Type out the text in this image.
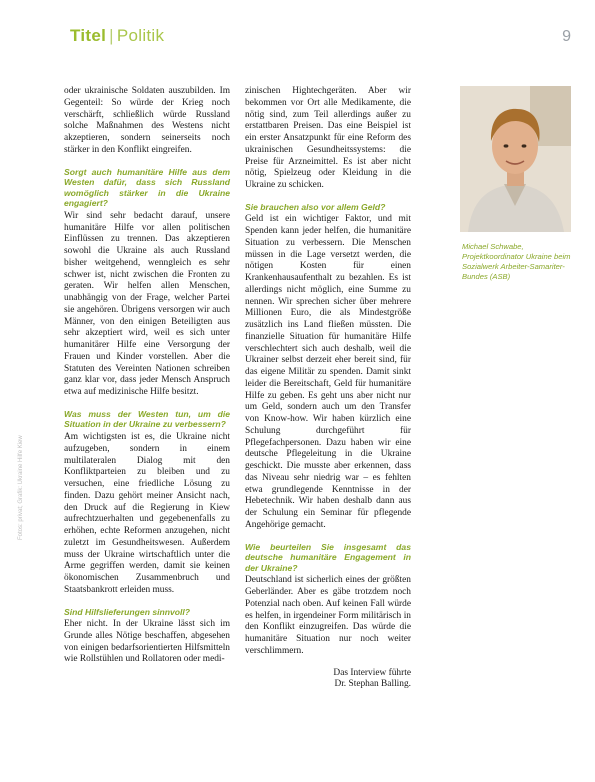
Titel | Politik	9

oder ukrainische Soldaten auszubilden. Im Gegenteil: So würde der Krieg noch verschärft, schließlich würde Russland solche Maßnahmen des Westens nicht akzeptieren, sondern seinerseits noch stärker in den Konflikt eingreifen.

Sorgt auch humanitäre Hilfe aus dem Westen dafür, dass sich Russland womöglich stärker in die Ukraine engagiert?

Wir sind sehr bedacht darauf, unsere humanitäre Hilfe vor allen politischen Einflüssen zu trennen. Das akzeptieren sowohl die Ukraine als auch Russland bisher weitgehend, wenngleich es sehr schwer ist, nicht zwischen die Fronten zu geraten. Wir helfen allen Menschen, unabhängig von der Frage, welcher Partei sie angehören. Übrigens versorgen wir auch Männer, von den einigen Beteiligten aus sehr akzeptiert wird, weil es sich unter humanitärer Hilfe eine Versorgung der Frauen und Kinder vorstellen. Aber die Statuten des Vereinten Nationen schreiben ganz klar vor, dass jeder Mensch Anspruch etwa auf medizinische Hilfe besitzt.

Was muss der Westen tun, um die Situation in der Ukraine zu verbessern?

Am wichtigsten ist es, die Ukraine nicht aufzugeben, sondern in einem multilateralen Dialog mit den Konfliktparteien zu bleiben und zu versuchen, eine friedliche Lösung zu finden. Dazu gehört meiner Ansicht nach, den Druck auf die Regierung in Kiew aufrechtzuerhalten und gegebenenfalls zu erhöhen, echte Reformen anzugehen, nicht zuletzt im Gesundheitswesen. Außerdem muss der Ukraine wirtschaftlich unter die Arme gegriffen werden, damit sie keinen ökonomischen Zusammenbruch und Staatsbankrott erleiden muss.

Sind Hilfslieferungen sinnvoll?

Eher nicht. In der Ukraine lässt sich im Grunde alles Nötige beschaffen, abgesehen von einigen bedarfsorientierten Hilfsmitteln wie Rollstühlen und Rollatoren oder medi-

zinischen Hightechgeräten. Aber wir bekommen vor Ort alle Medikamente, die nötig sind, zum Teil allerdings außer zu erstattbaren Preisen. Das eine Beispiel ist ein erster Ansatzpunkt für eine Reform des ukrainischen Gesundheitssystems: die Preise für Arzneimittel. Es ist aber nicht nötig, Spielzeug oder Kleidung in die Ukraine zu schicken.

Sie brauchen also vor allem Geld?

Geld ist ein wichtiger Faktor, und mit Spenden kann jeder helfen, die humanitäre Situation zu verbessern. Die Menschen müssen in die Lage versetzt werden, die nötigen Kosten für einen Krankenhausaufenthalt zu bezahlen. Es ist allerdings nicht möglich, eine Summe zu nennen. Wir sprechen sicher über mehrere Millionen Euro, die als Mindestgröße zusätzlich ins Land fließen müssten. Die finanzielle Situation für humanitäre Hilfe verschlechtert sich auch deshalb, weil die Ukrainer selbst derzeit eher bereit sind, für das eigene Militär zu spenden. Damit sinkt leider die Bereitschaft, Geld für humanitäre Hilfe zu geben. Es geht uns aber nicht nur um Geld, sondern auch um den Transfer von Know-how. Wir haben kürzlich eine Schulung durchgeführt für Pflegefachpersonen. Dazu haben wir eine deutsche Pflegeleitung in die Ukraine geschickt. Die musste aber erkennen, dass das Niveau sehr niedrig war – es fehlten etwa grundlegende Kenntnisse in der Hebetechnik. Wir haben deshalb dann aus der Schulung ein Seminar für pflegende Angehörige gemacht.

Wie beurteilen Sie insgesamt das deutsche humanitäre Engagement in der Ukraine?

Deutschland ist sicherlich eines der größten Geberländer. Aber es gäbe trotzdem noch Potenzial nach oben. Auf keinen Fall würde es helfen, in irgendeiner Form militärisch in den Konflikt einzugreifen. Das würde die humanitäre Situation nur noch weiter verschlimmern.

Das Interview führte
Dr. Stephan Balling.
Michael Schwabe, Projektkoordinator Ukraine beim Sozialwerk Arbeiter-Samariter-Bundes (ASB)
Fotos: privat; Grafik: Ukraine Hilfe Kiew
